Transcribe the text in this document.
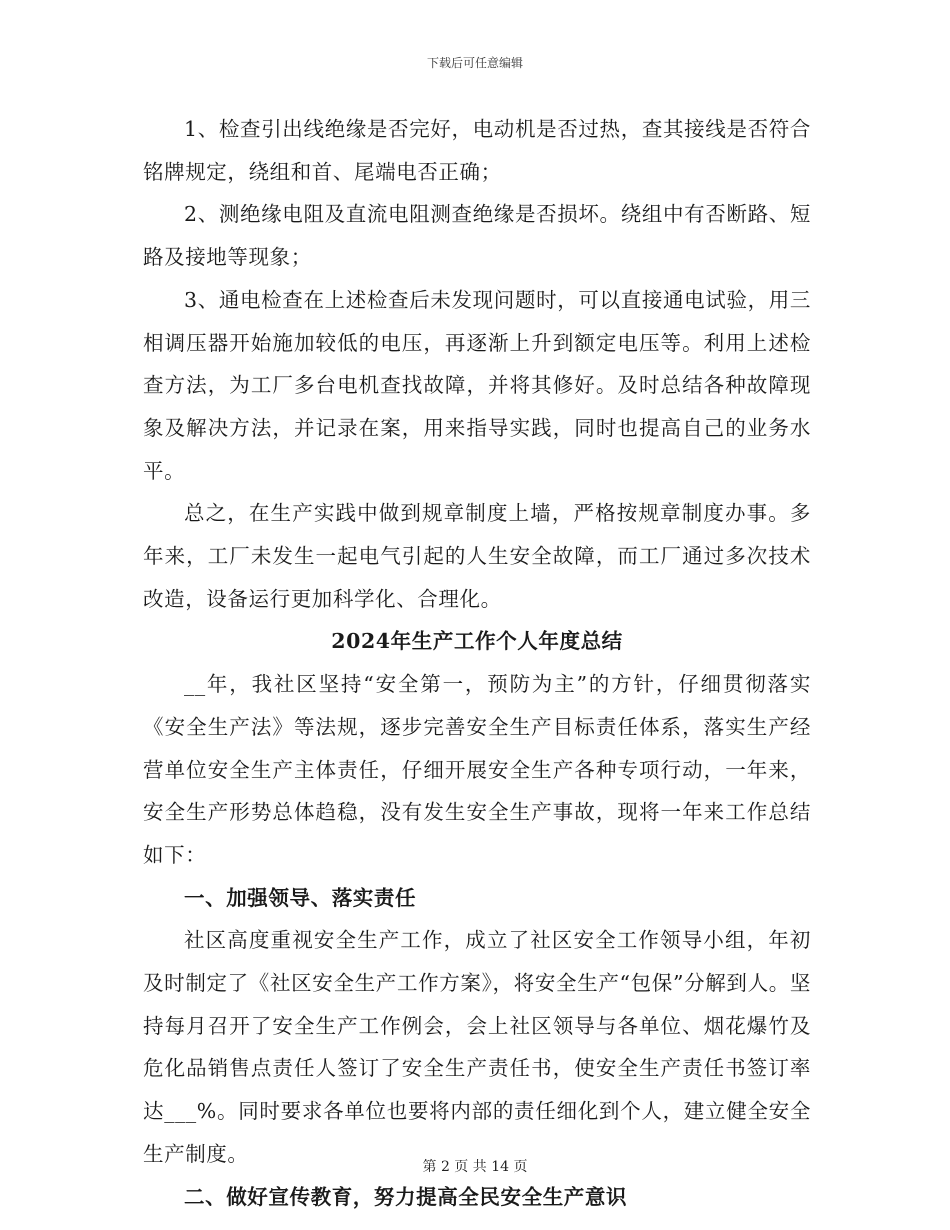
下载后可任意编辑

1、检查引出线绝缘是否完好，电动机是否过热，查其接线是否符合铭牌规定，绕组和首、尾端电否正确；

2、测绝缘电阻及直流电阻测查绝缘是否损坏。绕组中有否断路、短路及接地等现象；

3、通电检查在上述检查后未发现问题时，可以直接通电试验，用三相调压器开始施加较低的电压，再逐渐上升到额定电压等。利用上述检查方法，为工厂多台电机查找故障，并将其修好。及时总结各种故障现象及解决方法，并记录在案，用来指导实践，同时也提高自己的业务水平。

总之，在生产实践中做到规章制度上墙，严格按规章制度办事。多年来，工厂未发生一起电气引起的人生安全故障，而工厂通过多次技术改造，设备运行更加科学化、合理化。

2024年生产工作个人年度总结

__年，我社区坚持“安全第一，预防为主”的方针，仔细贯彻落实《安全生产法》等法规，逐步完善安全生产目标责任体系，落实生产经营单位安全生产主体责任，仔细开展安全生产各种专项行动，一年来，安全生产形势总体趋稳，没有发生安全生产事故，现将一年来工作总结如下：

一、加强领导、落实责任

社区高度重视安全生产工作，成立了社区安全工作领导小组，年初及时制定了《社区安全生产工作方案》，将安全生产“包保”分解到人。坚持每月召开了安全生产工作例会，会上社区领导与各单位、烟花爆竹及危化品销售点责任人签订了安全生产责任书，使安全生产责任书签订率达___%。同时要求各单位也要将内部的责任细化到个人，建立健全安全生产制度。

二、做好宣传教育，努力提高全民安全生产意识

第 2 页 共 14 页
